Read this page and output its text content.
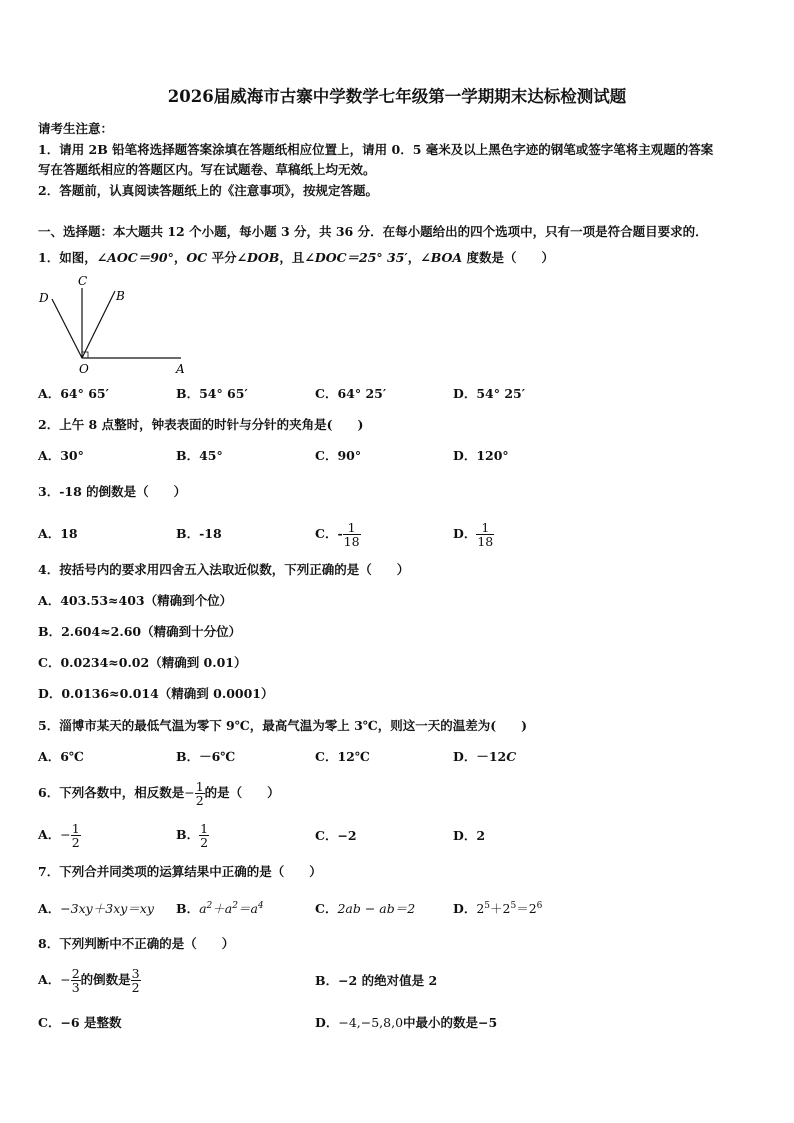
2026届威海市古寨中学数学七年级第一学期期末达标检测试题
请考生注意：
1．请用 2B 铅笔将选择题答案涂填在答题纸相应位置上，请用 0．5 毫米及以上黑色字迹的钢笔或签字笔将主观题的答案
写在答题纸相应的答题区内。写在试题卷、草稿纸上均无效。
2．答题前，认真阅读答题纸上的《注意事项》，按规定答题。
一、选择题：本大题共 12 个小题，每小题 3 分，共 36 分．在每小题给出的四个选项中，只有一项是符合题目要求的．
1．如图，∠AOC＝90°，OC 平分∠DOB，且∠DOC＝25° 35′，∠BOA 度数是（　　）
C
D	B
O	A
A．64° 65′	B．54° 65′	C．64° 25′	D．54° 25′
2．上午 8 点整时，钟表表面的时针与分针的夹角是(　　)
A．30°	B．45°	C．90°	D．120°
3．-18 的倒数是（　　）
A．18	B．-18	C．- $\frac{1}{18}$	D． $\frac{1}{18}$
4．按括号内的要求用四舍五入法取近似数，下列正确的是（　　）
A．403.53≈403（精确到个位）
B．2.604≈2.60（精确到十分位）
C．0.0234≈0.02（精确到 0.01）
D．0.0136≈0.014（精确到 0.0001）
5．淄博市某天的最低气温为零下 9℃，最高气温为零上 3℃，则这一天的温差为(　　)
A．6℃	B．－6℃	C．12℃	D．－12C
6．下列各数中，相反数是− $\frac{1}{2}$ 的是（　　）
A．− $\frac{1}{2}$	B． $\frac{1}{2}$	C．−2	D．2
7．下列合并同类项的运算结果中正确的是（　　）
A．−3xy＋3xy＝xy B．$a^2+a^2=a^4$	C．2ab − ab＝2	D．$2^5+2^5=2^6$
8．下列判断中不正确的是（　　）
A．− $\frac{2}{3}$ 的倒数是 $\frac{3}{2}$	B．−2 的绝对值是 2
C．−6 是整数	D．−4,−5,8,0中最小的数是−5
